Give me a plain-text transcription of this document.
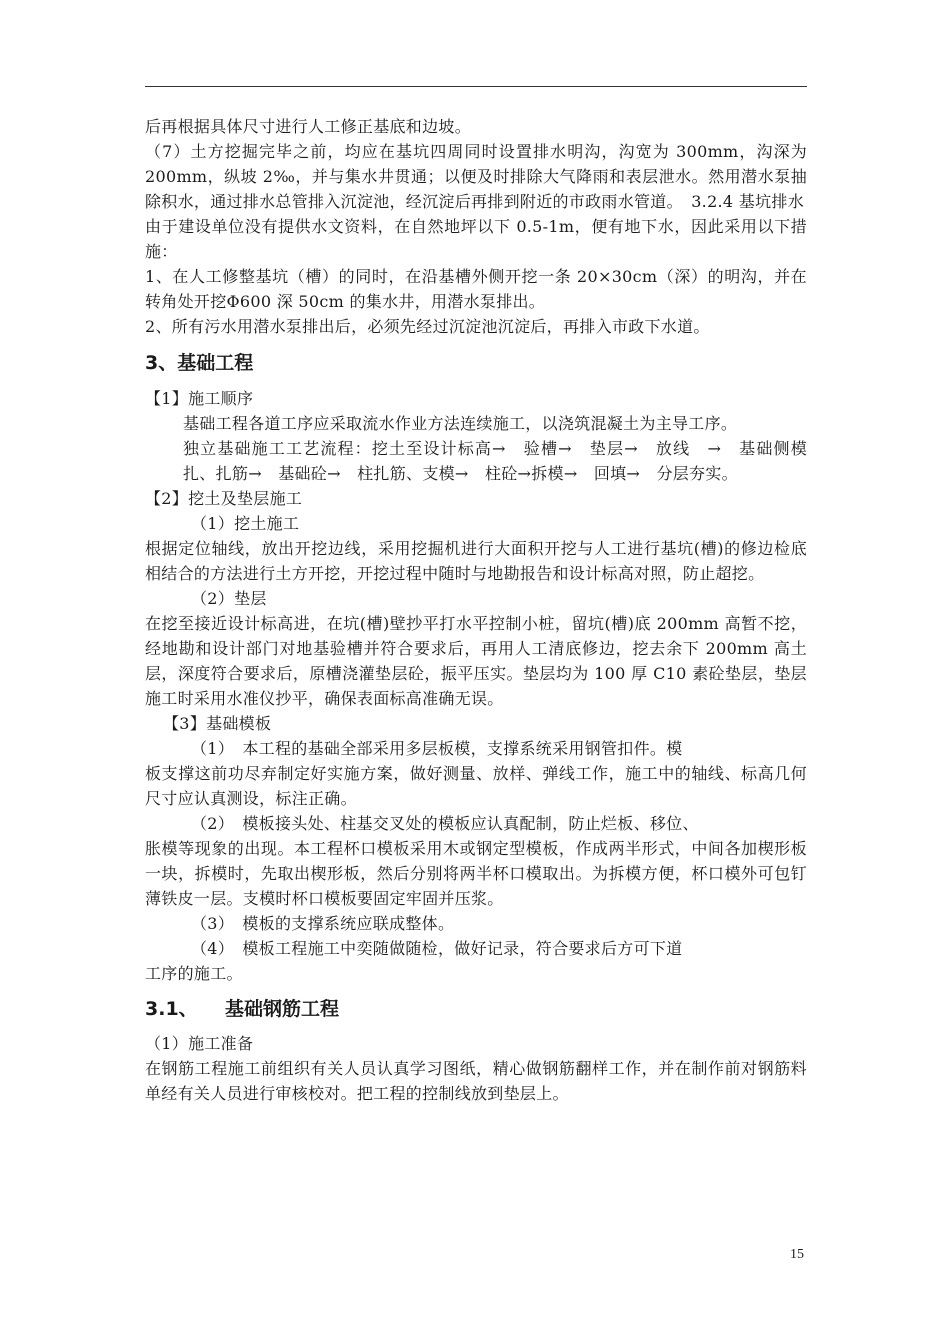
后再根据具体尺寸进行人工修正基底和边坡。

（7）土方挖掘完毕之前，均应在基坑四周同时设置排水明沟，沟宽为 300mm，沟深为 200mm，纵坡 2‰，并与集水井贯通；以便及时排除大气降雨和表层泄水。然用潜水泵抽除积水，通过排水总管排入沉淀池，经沉淀后再排到附近的市政雨水管道。　3.2.4 基坑排水

由于建设单位没有提供水文资料，在自然地坪以下 0.5-1m，便有地下水，因此采用以下措施：

1、在人工修整基坑（槽）的同时，在沿基槽外侧开挖一条 20×30cm（深）的明沟，并在转角处开挖Φ600 深 50cm 的集水井，用潜水泵排出。

2、所有污水用潜水泵排出后，必须先经过沉淀池沉淀后，再排入市政下水道。

3、基础工程

【1】施工顺序

基础工程各道工序应采取流水作业方法连续施工，以浇筑混凝土为主导工序。

独立基础施工工艺流程：挖土至设计标高→　验槽→　垫层→　放线　→　基础侧模扎、扎筋→　基础砼→　柱扎筋、支模→　柱砼→拆模→　回填→　分层夯实。

【2】挖土及垫层施工

（1）挖土施工

根据定位轴线，放出开挖边线，采用挖掘机进行大面积开挖与人工进行基坑(槽)的修边检底相结合的方法进行土方开挖，开挖过程中随时与地勘报告和设计标高对照，防止超挖。

（2）垫层

在挖至接近设计标高进，在坑(槽)壁抄平打水平控制小桩，留坑(槽)底 200mm 高暂不挖，经地勘和设计部门对地基验槽并符合要求后，再用人工清底修边，挖去余下 200mm 高土层，深度符合要求后，原槽浇灌垫层砼，振平压实。垫层均为 100 厚 C10 素砼垫层，垫层施工时采用水准仪抄平，确保表面标高准确无误。

【3】基础模板

（1）　本工程的基础全部采用多层板模，支撑系统采用钢管扣件。模

板支撑这前功尽弃制定好实施方案，做好测量、放样、弹线工作，施工中的轴线、标高几何尺寸应认真测设，标注正确。

（2）　模板接头处、柱基交叉处的模板应认真配制，防止烂板、移位、

胀模等现象的出现。本工程杯口模板采用木或钢定型模板，作成两半形式，中间各加楔形板一块，拆模时，先取出楔形板，然后分别将两半杯口模取出。为拆模方便，杯口模外可包钉薄铁皮一层。支模时杯口模板要固定牢固并压浆。

（3）　模板的支撑系统应联成整体。

（4）　模板工程施工中奕随做随检，做好记录，符合要求后方可下道

工序的施工。

3.1、 基础钢筋工程

（1）施工准备

在钢筋工程施工前组织有关人员认真学习图纸，精心做钢筋翻样工作，并在制作前对钢筋料单经有关人员进行审核校对。把工程的控制线放到垫层上。

15
